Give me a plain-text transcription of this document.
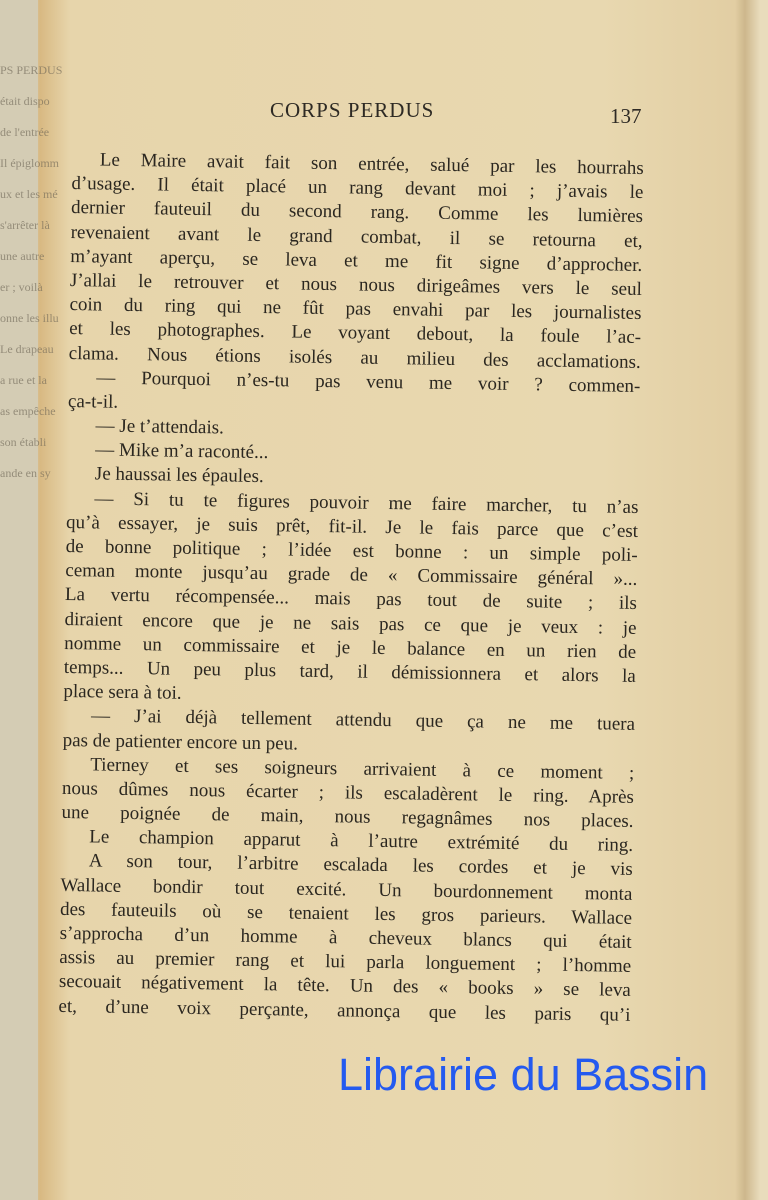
PS PERDUS
était dispo
de l'entrée
Il épiglomm
ux et les mé
s'arrêter là
une autre
er ; voilà
onne les illu
Le drapeau
a rue et la
as empêche
son établi
ande en sy
CORPS PERDUS	137
Le Maire avait fait son entrée, salué par les hourrahs
d’usage. Il était placé un rang devant moi ; j’avais le
dernier fauteuil du second rang. Comme les lumières
revenaient avant le grand combat, il se retourna et,
m’ayant aperçu, se leva et me fit signe d’approcher.
J’allai le retrouver et nous nous dirigeâmes vers le seul
coin du ring qui ne fût pas envahi par les journalistes
et les photographes. Le voyant debout, la foule l’ac-
clama. Nous étions isolés au milieu des acclamations.
— Pourquoi n’es-tu pas venu me voir ? commen-
ça-t-il.
— Je t’attendais.
— Mike m’a raconté...
Je haussai les épaules.
— Si tu te figures pouvoir me faire marcher, tu n’as
qu’à essayer, je suis prêt, fit-il. Je le fais parce que c’est
de bonne politique ; l’idée est bonne : un simple poli-
ceman monte jusqu’au grade de « Commissaire général »...
La vertu récompensée... mais pas tout de suite ; ils
diraient encore que je ne sais pas ce que je veux : je
nomme un commissaire et je le balance en un rien de
temps... Un peu plus tard, il démissionnera et alors la
place sera à toi.
— J’ai déjà tellement attendu que ça ne me tuera
pas de patienter encore un peu.
Tierney et ses soigneurs arrivaient à ce moment ;
nous dûmes nous écarter ; ils escaladèrent le ring. Après
une poignée de main, nous regagnâmes nos places.
Le champion apparut à l’autre extrémité du ring.
A son tour, l’arbitre escalada les cordes et je vis
Wallace bondir tout excité. Un bourdonnement monta
des fauteuils où se tenaient les gros parieurs. Wallace
s’approcha d’un homme à cheveux blancs qui était
assis au premier rang et lui parla longuement ; l’homme
secouait négativement la tête. Un des « books » se leva
et, d’une voix perçante, annonça que les paris qu’i
Librairie du Bassin
